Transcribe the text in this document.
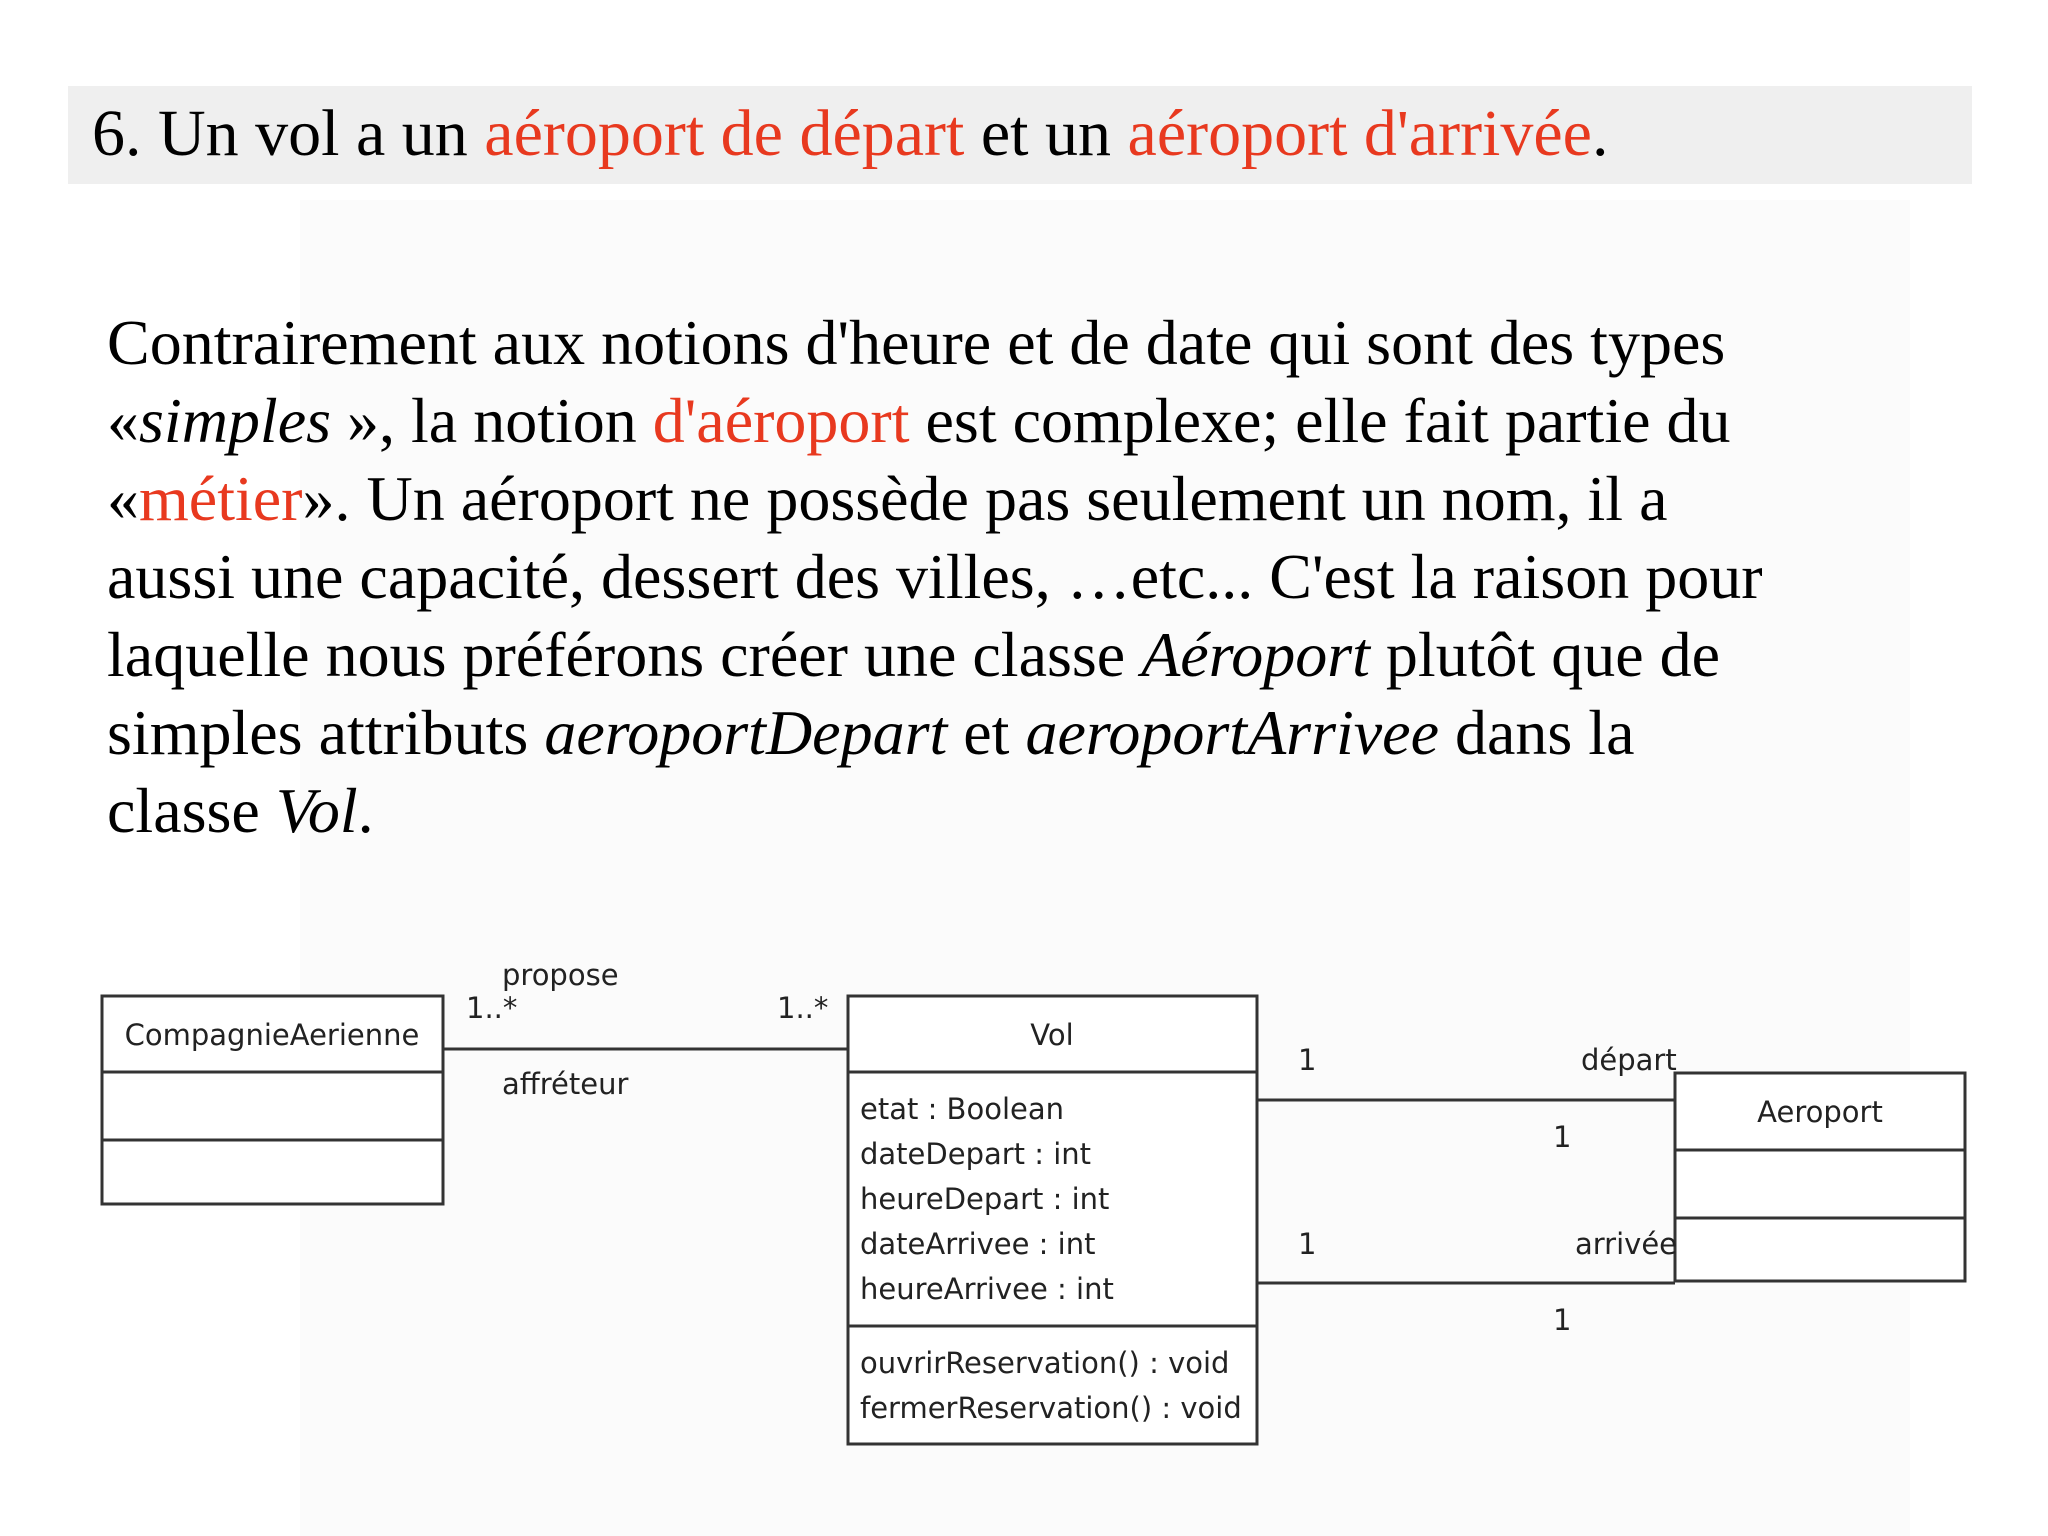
6. Un vol a un aéroport de départ et un aéroport d'arrivée.

Contrairement aux notions d'heure et de date qui sont des types

«simples », la notion d'aéroport est complexe; elle fait partie du

«métier». Un aéroport ne possède pas seulement un nom, il a

aussi une capacité, dessert des villes, …etc... C'est la raison pour

laquelle nous préférons créer une classe Aéroport plutôt que de

simples attributs aeroportDepart et aeroportArrivee dans la

classe Vol.

CompagnieAerienne	Vol
etat : Boolean
dateDepart : int
heureDepart : int
dateArrivee : int
heureArrivee : int
ouvrirReservation() : void
fermerReservation() : void
Aeroport
propose
affréteur
1..*	1..*
1	départ
1
1	arrivée
1
